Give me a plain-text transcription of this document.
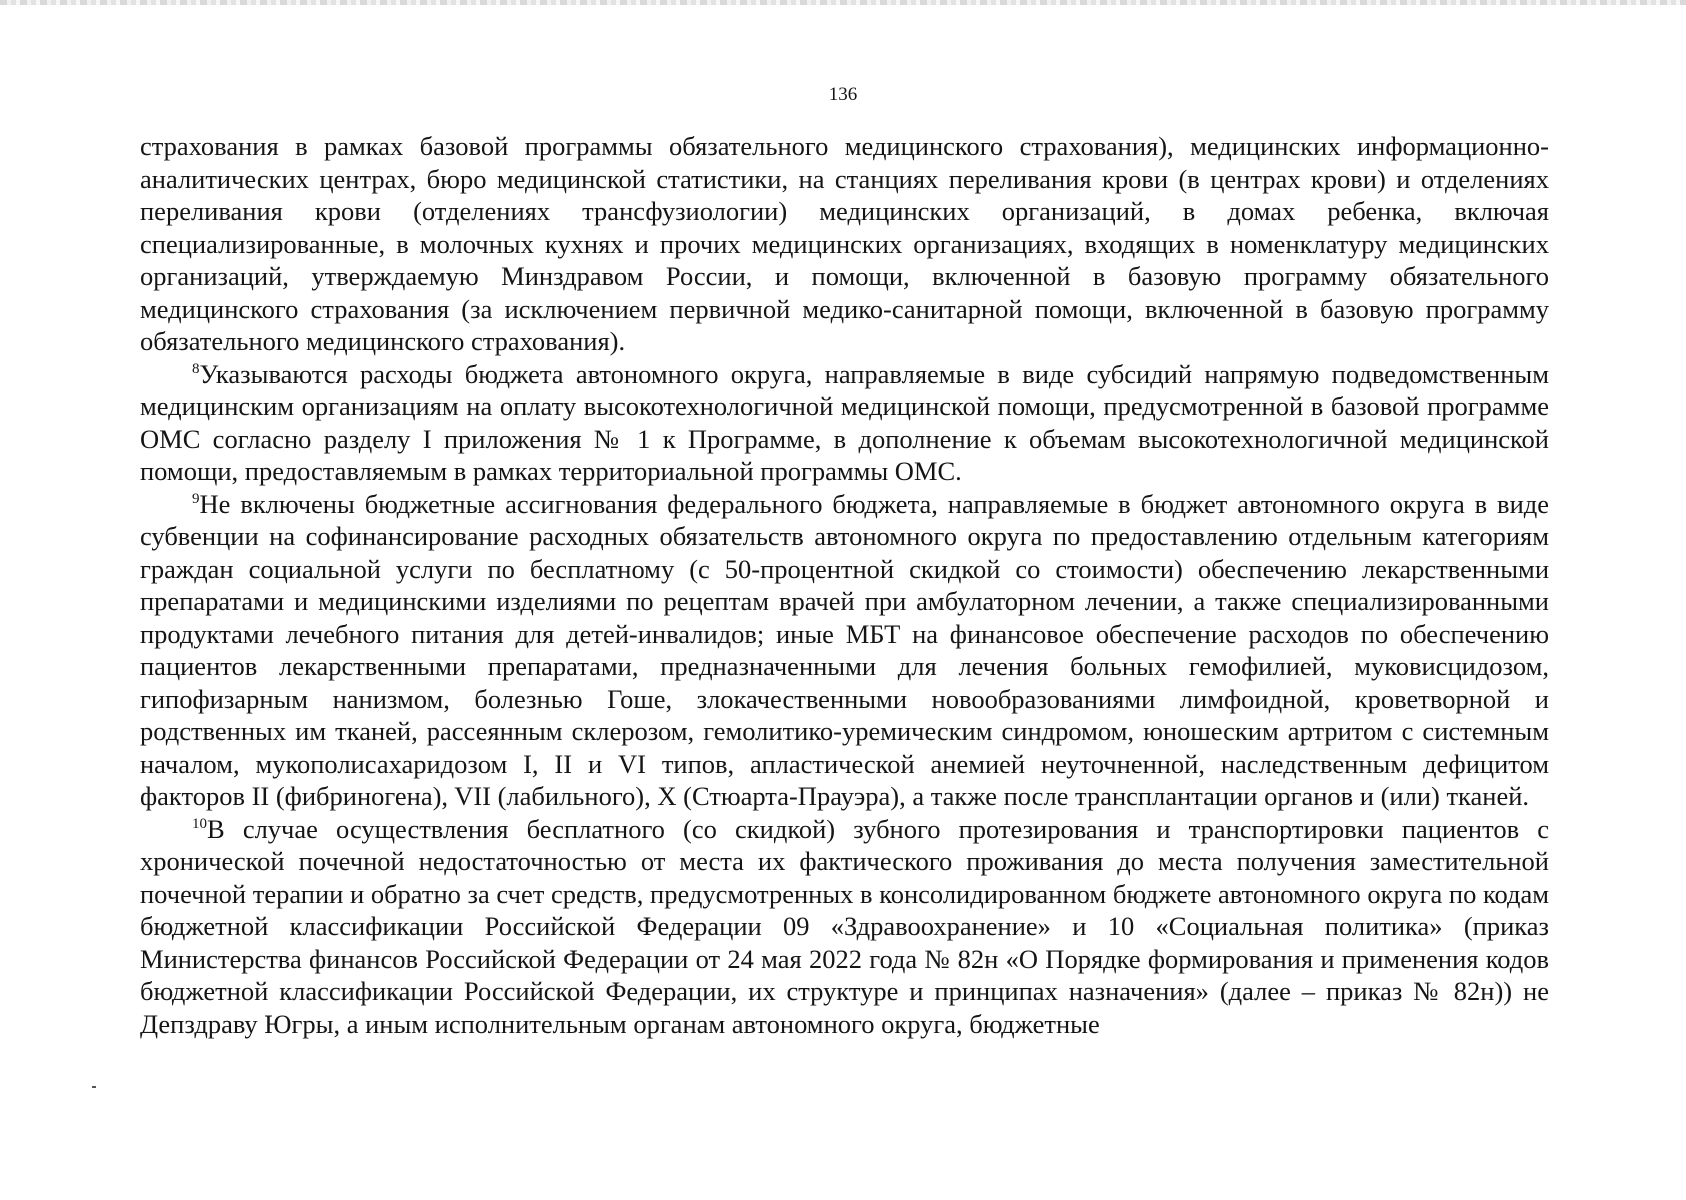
136

страхования в рамках базовой программы обязательного медицинского страхования), медицинских информационно-аналитических центрах, бюро медицинской статистики, на станциях переливания крови (в центрах крови) и отделениях переливания крови (отделениях трансфузиологии) медицинских организаций, в домах ребенка, включая специализированные, в молочных кухнях и прочих медицинских организациях, входящих в номенклатуру медицинских организаций, утверждаемую Минздравом России, и помощи, включенной в базовую программу обязательного медицинского страхования (за исключением первичной медико-санитарной помощи, включенной в базовую программу обязательного медицинского страхования).

$^8$Указываются расходы бюджета автономного округа, направляемые в виде субсидий напрямую подведомственным медицинским организациям на оплату высокотехнологичной медицинской помощи, предусмотренной в базовой программе ОМС согласно разделу I приложения № 1 к Программе, в дополнение к объемам высокотехнологичной медицинской помощи, предоставляемым в рамках территориальной программы ОМС.

$^9$Не включены бюджетные ассигнования федерального бюджета, направляемые в бюджет автономного округа в виде субвенции на софинансирование расходных обязательств автономного округа по предоставлению отдельным категориям граждан социальной услуги по бесплатному (с 50-процентной скидкой со стоимости) обеспечению лекарственными препаратами и медицинскими изделиями по рецептам врачей при амбулаторном лечении, а также специализированными продуктами лечебного питания для детей-инвалидов; иные МБТ на финансовое обеспечение расходов по обеспечению пациентов лекарственными препаратами, предназначенными для лечения больных гемофилией, муковисцидозом, гипофизарным нанизмом, болезнью Гоше, злокачественными новообразованиями лимфоидной, кроветворной и родственных им тканей, рассеянным склерозом, гемолитико-уремическим синдромом, юношеским артритом с системным началом, мукополисахаридозом I, II и VI типов, апластической анемией неуточненной, наследственным дефицитом факторов II (фибриногена), VII (лабильного), X (Стюарта-Прауэра), а также после трансплантации органов и (или) тканей.

$^{10}$В случае осуществления бесплатного (со скидкой) зубного протезирования и транспортировки пациентов с хронической почечной недостаточностью от места их фактического проживания до места получения заместительной почечной терапии и обратно за счет средств, предусмотренных в консолидированном бюджете автономного округа по кодам бюджетной классификации Российской Федерации 09 «Здравоохранение» и 10 «Социальная политика» (приказ Министерства финансов Российской Федерации от 24 мая 2022 года № 82н «О Порядке формирования и применения кодов бюджетной классификации Российской Федерации, их структуре и принципах назначения» (далее – приказ № 82н)) не Депздраву Югры, а иным исполнительным органам автономного округа, бюджетные
